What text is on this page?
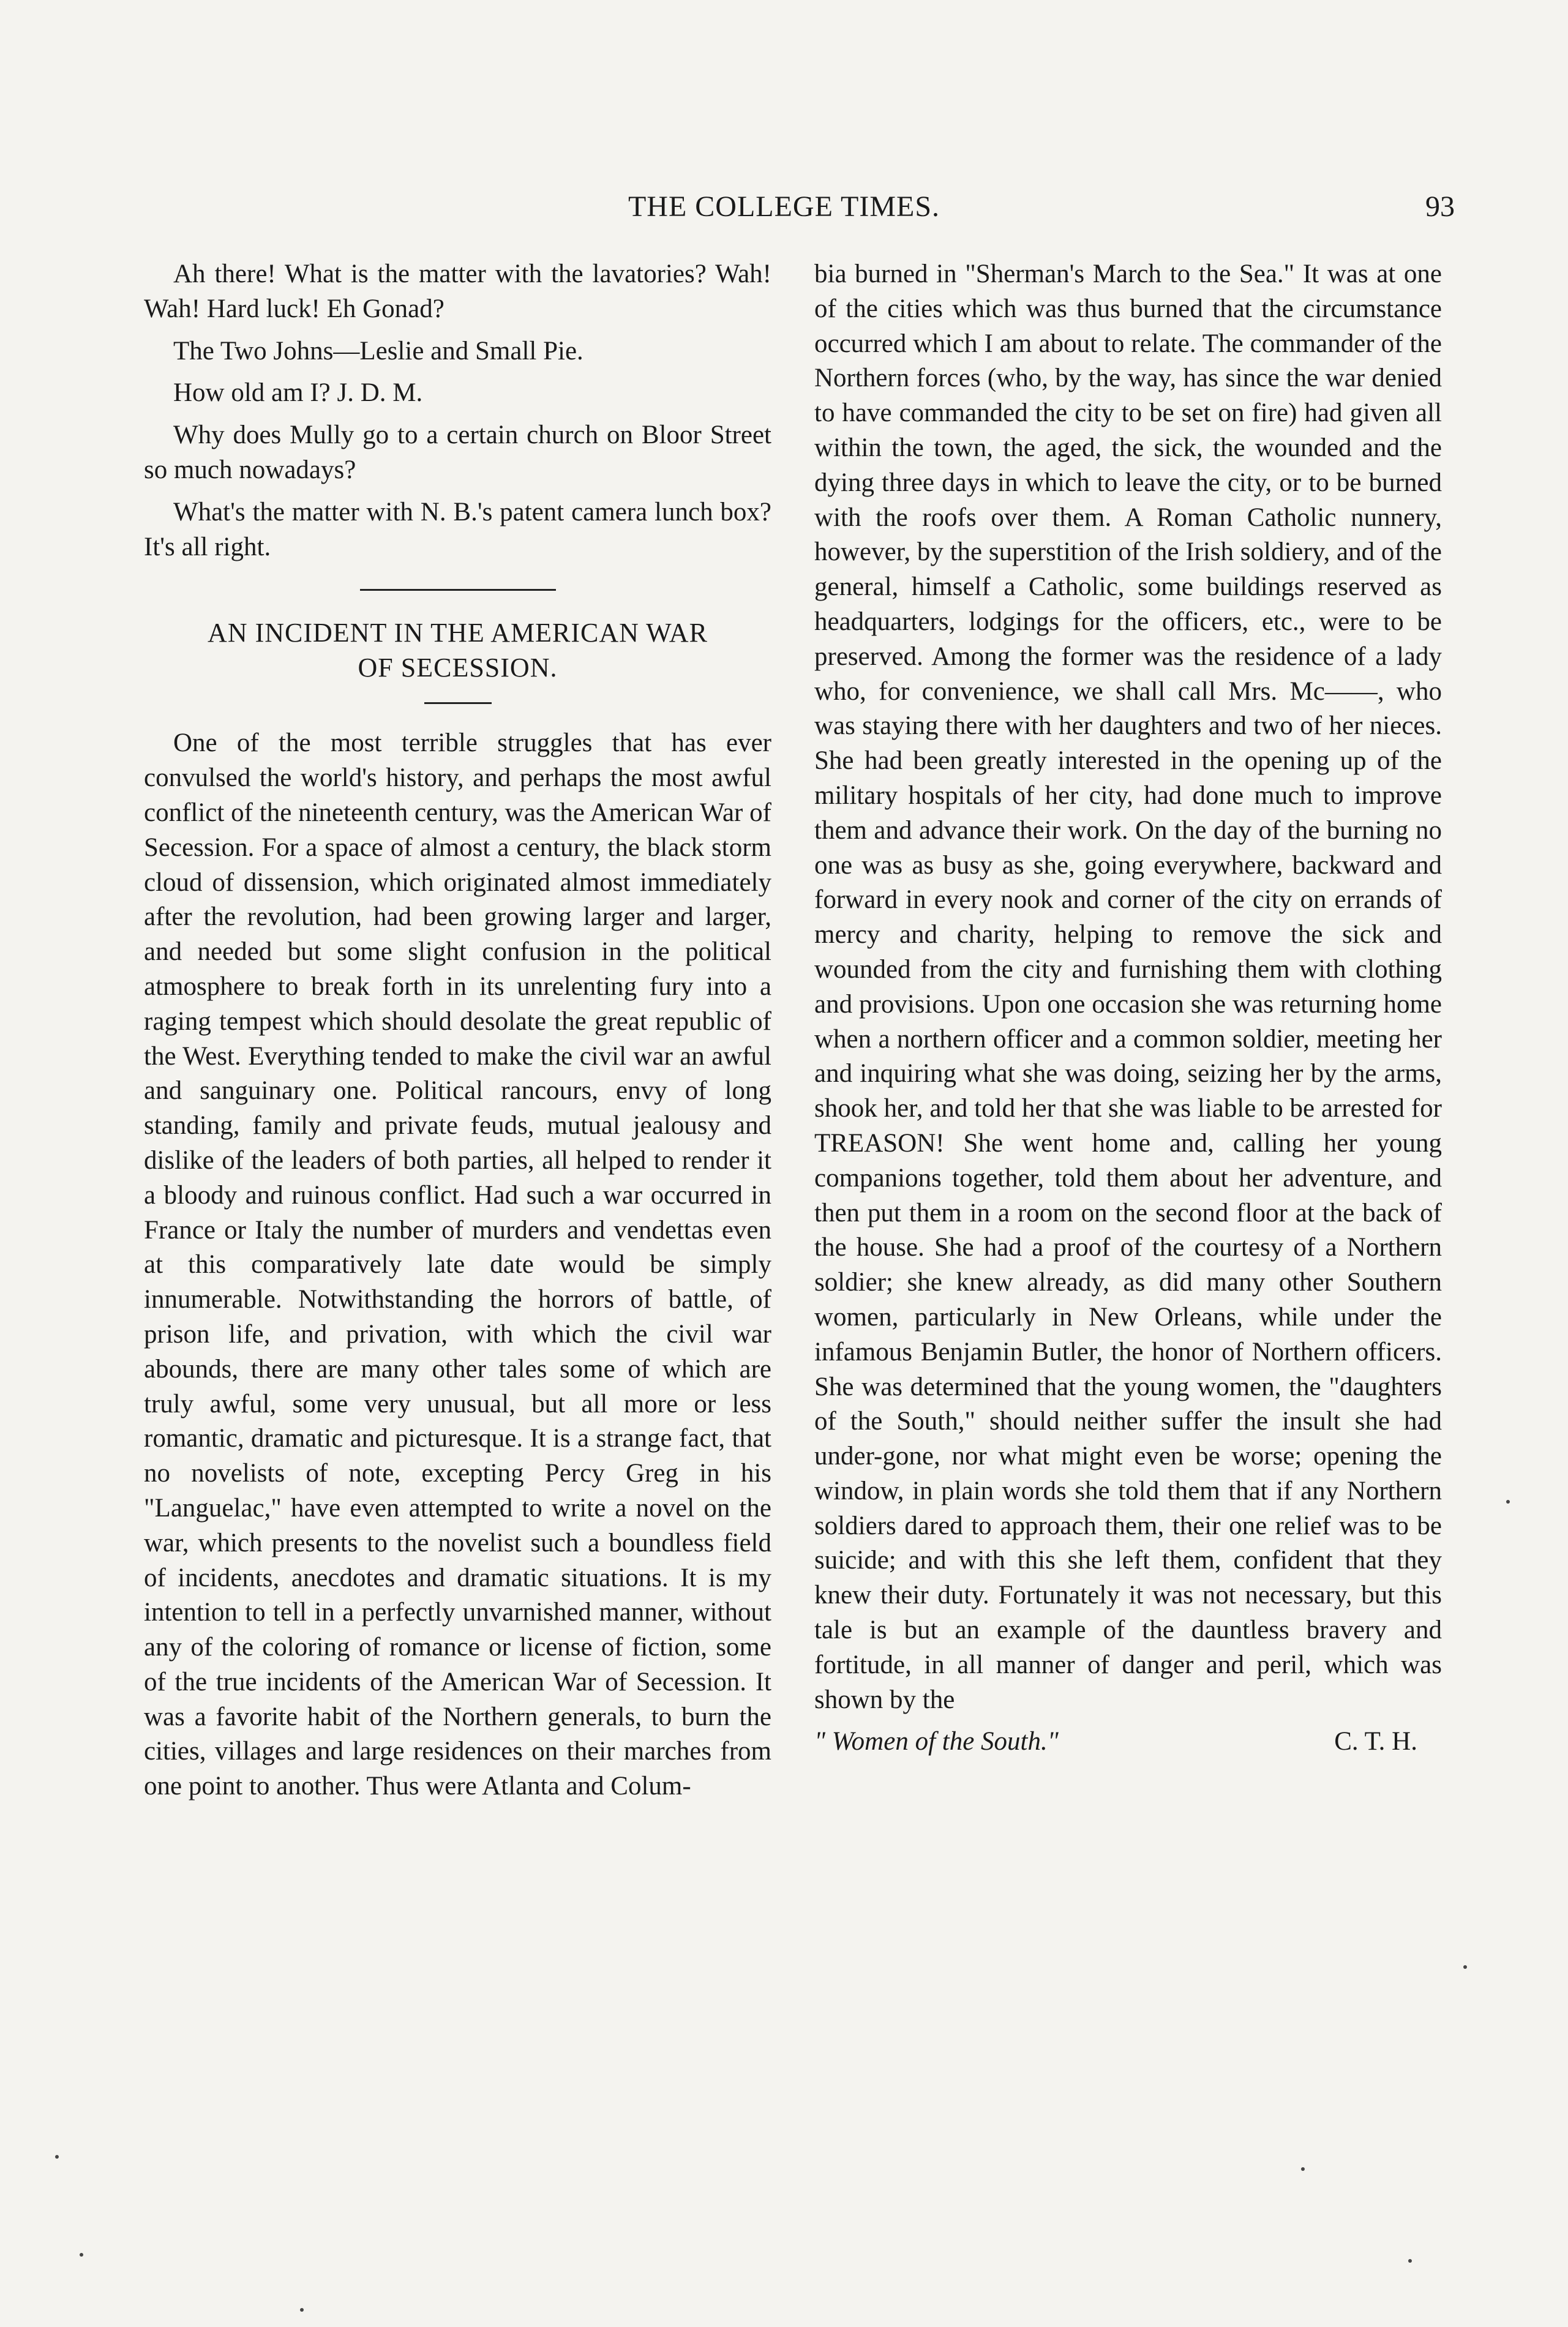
THE COLLEGE TIMES.	93

Ah there! What is the matter with the lavatories? Wah! Wah! Hard luck! Eh Gonad?

The Two Johns—Leslie and Small Pie.

How old am I? J. D. M.

Why does Mully go to a certain church on Bloor Street so much nowadays?

What's the matter with N. B.'s patent camera lunch box? It's all right.

AN INCIDENT IN THE AMERICAN WAR
OF SECESSION.

One of the most terrible struggles that has ever convulsed the world's history, and perhaps the most awful conflict of the nineteenth century, was the American War of Secession. For a space of almost a century, the black storm cloud of dissension, which originated almost immediately after the revolution, had been growing larger and larger, and needed but some slight confusion in the political atmosphere to break forth in its unrelenting fury into a raging tempest which should desolate the great republic of the West. Everything tended to make the civil war an awful and sanguinary one. Political rancours, envy of long standing, family and private feuds, mutual jealousy and dislike of the leaders of both parties, all helped to render it a bloody and ruinous conflict. Had such a war occurred in France or Italy the number of murders and vendettas even at this comparatively late date would be simply innumerable. Notwithstanding the horrors of battle, of prison life, and privation, with which the civil war abounds, there are many other tales some of which are truly awful, some very unusual, but all more or less romantic, dramatic and picturesque. It is a strange fact, that no novelists of note, excepting Percy Greg in his "Languelac," have even attempted to write a novel on the war, which presents to the novelist such a boundless field of incidents, anecdotes and dramatic situations. It is my intention to tell in a perfectly unvarnished manner, without any of the coloring of romance or license of fiction, some of the true incidents of the American War of Secession. It was a favorite habit of the Northern generals, to burn the cities, villages and large residences on their marches from one point to another. Thus were Atlanta and Colum-

bia burned in "Sherman's March to the Sea." It was at one of the cities which was thus burned that the circumstance occurred which I am about to relate. The commander of the Northern forces (who, by the way, has since the war denied to have commanded the city to be set on fire) had given all within the town, the aged, the sick, the wounded and the dying three days in which to leave the city, or to be burned with the roofs over them. A Roman Catholic nunnery, however, by the superstition of the Irish soldiery, and of the general, himself a Catholic, some buildings reserved as headquarters, lodgings for the officers, etc., were to be preserved. Among the former was the residence of a lady who, for convenience, we shall call Mrs. Mc——, who was staying there with her daughters and two of her nieces. She had been greatly interested in the opening up of the military hospitals of her city, had done much to improve them and advance their work. On the day of the burning no one was as busy as she, going everywhere, backward and forward in every nook and corner of the city on errands of mercy and charity, helping to remove the sick and wounded from the city and furnishing them with clothing and provisions. Upon one occasion she was returning home when a northern officer and a common soldier, meeting her and inquiring what she was doing, seizing her by the arms, shook her, and told her that she was liable to be arrested for TREASON! She went home and, calling her young companions together, told them about her adventure, and then put them in a room on the second floor at the back of the house. She had a proof of the courtesy of a Northern soldier; she knew already, as did many other Southern women, particularly in New Orleans, while under the infamous Benjamin Butler, the honor of Northern officers. She was determined that the young women, the "daughters of the South," should neither suffer the insult she had under-gone, nor what might even be worse; opening the window, in plain words she told them that if any Northern soldiers dared to approach them, their one relief was to be suicide; and with this she left them, confident that they knew their duty. Fortunately it was not necessary, but this tale is but an example of the dauntless bravery and fortitude, in all manner of danger and peril, which was shown by the

" Women of the South."	C. T. H.
